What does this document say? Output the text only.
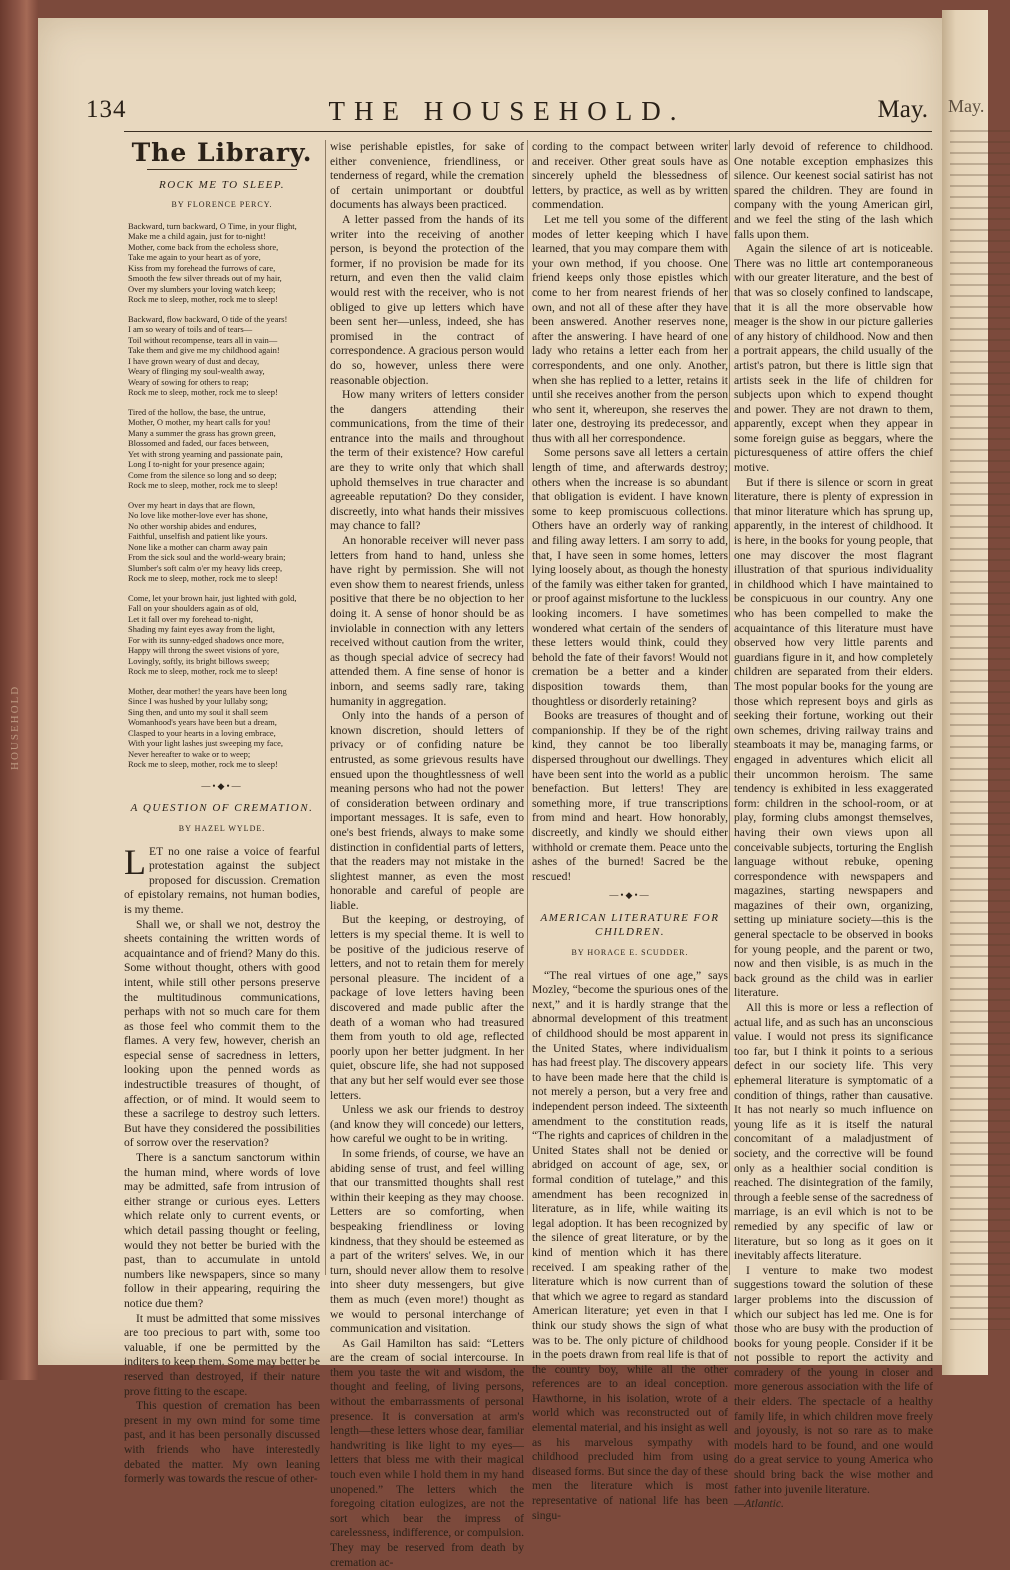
HOUSEHOLD
May.
134	THE HOUSEHOLD.	May.
The Library.
ROCK ME TO SLEEP.
BY FLORENCE PERCY.
Backward, turn backward, O Time, in your flight,
Make me a child again, just for to-night!
Mother, come back from the echoless shore,
Take me again to your heart as of yore,
Kiss from my forehead the furrows of care,
Smooth the few silver threads out of my hair,
Over my slumbers your loving watch keep;
Rock me to sleep, mother, rock me to sleep!
Backward, flow backward, O tide of the years!
I am so weary of toils and of tears—
Toil without recompense, tears all in vain—
Take them and give me my childhood again!
I have grown weary of dust and decay,
Weary of flinging my soul-wealth away,
Weary of sowing for others to reap;
Rock me to sleep, mother, rock me to sleep!
Tired of the hollow, the base, the untrue,
Mother, O mother, my heart calls for you!
Many a summer the grass has grown green,
Blossomed and faded, our faces between,
Yet with strong yearning and passionate pain,
Long I to-night for your presence again;
Come from the silence so long and so deep;
Rock me to sleep, mother, rock me to sleep!
Over my heart in days that are flown,
No love like mother-love ever has shone,
No other worship abides and endures,
Faithful, unselfish and patient like yours.
None like a mother can charm away pain
From the sick soul and the world-weary brain;
Slumber's soft calm o'er my heavy lids creep,
Rock me to sleep, mother, rock me to sleep!
Come, let your brown hair, just lighted with gold,
Fall on your shoulders again as of old,
Let it fall over my forehead to-night,
Shading my faint eyes away from the light,
For with its sunny-edged shadows once more,
Happy will throng the sweet visions of yore,
Lovingly, softly, its bright billows sweep;
Rock me to sleep, mother, rock me to sleep!
Mother, dear mother! the years have been long
Since I was hushed by your lullaby song;
Sing then, and unto my soul it shall seem
Womanhood's years have been but a dream,
Clasped to your hearts in a loving embrace,
With your light lashes just sweeping my face,
Never hereafter to wake or to weep;
Rock me to sleep, mother, rock me to sleep!
—•◆•—
A QUESTION OF CREMATION.
BY HAZEL WYLDE.

LET no one raise a voice of fearful protestation against the subject proposed for discussion. Cremation of epistolary remains, not human bodies, is my theme.

Shall we, or shall we not, destroy the sheets containing the written words of acquaintance and of friend? Many do this. Some without thought, others with good intent, while still other persons preserve the multitudinous communications, perhaps with not so much care for them as those feel who commit them to the flames. A very few, however, cherish an especial sense of sacredness in letters, looking upon the penned words as indestructible treasures of thought, of affection, or of mind. It would seem to these a sacrilege to destroy such letters. But have they considered the possibilities of sorrow over the reservation?

There is a sanctum sanctorum within the human mind, where words of love may be admitted, safe from intrusion of either strange or curious eyes. Letters which relate only to current events, or which detail passing thought or feeling, would they not better be buried with the past, than to accumulate in untold numbers like newspapers, since so many follow in their appearing, requiring the notice due them?

It must be admitted that some missives are too precious to part with, some too valuable, if one be permitted by the inditers to keep them. Some may better be reserved than destroyed, if their nature prove fitting to the escape.

This question of cremation has been present in my own mind for some time past, and it has been personally discussed with friends who have interestedly debated the matter. My own leaning formerly was towards the rescue of other-

wise perishable epistles, for sake of either convenience, friendliness, or tenderness of regard, while the cremation of certain unimportant or doubtful documents has always been practiced.

A letter passed from the hands of its writer into the receiving of another person, is beyond the protection of the former, if no provision be made for its return, and even then the valid claim would rest with the receiver, who is not obliged to give up letters which have been sent her—unless, indeed, she has promised in the contract of correspondence. A gracious person would do so, however, unless there were reasonable objection.

How many writers of letters consider the dangers attending their communications, from the time of their entrance into the mails and throughout the term of their existence? How careful are they to write only that which shall uphold themselves in true character and agreeable reputation? Do they consider, discreetly, into what hands their missives may chance to fall?

An honorable receiver will never pass letters from hand to hand, unless she have right by permission. She will not even show them to nearest friends, unless positive that there be no objection to her doing it. A sense of honor should be as inviolable in connection with any letters received without caution from the writer, as though special advice of secrecy had attended them. A fine sense of honor is inborn, and seems sadly rare, taking humanity in aggregation.

Only into the hands of a person of known discretion, should letters of privacy or of confiding nature be entrusted, as some grievous results have ensued upon the thoughtlessness of well meaning persons who had not the power of consideration between ordinary and important messages. It is safe, even to one's best friends, always to make some distinction in confidential parts of letters, that the readers may not mistake in the slightest manner, as even the most honorable and careful of people are liable.

But the keeping, or destroying, of letters is my special theme. It is well to be positive of the judicious reserve of letters, and not to retain them for merely personal pleasure. The incident of a package of love letters having been discovered and made public after the death of a woman who had treasured them from youth to old age, reflected poorly upon her better judgment. In her quiet, obscure life, she had not supposed that any but her self would ever see those letters.

Unless we ask our friends to destroy (and know they will concede) our letters, how careful we ought to be in writing.

In some friends, of course, we have an abiding sense of trust, and feel willing that our transmitted thoughts shall rest within their keeping as they may choose. Letters are so comforting, when bespeaking friendliness or loving kindness, that they should be esteemed as a part of the writers' selves. We, in our turn, should never allow them to resolve into sheer duty messengers, but give them as much (even more!) thought as we would to personal interchange of communication and visitation.

As Gail Hamilton has said: “Letters are the cream of social intercourse. In them you taste the wit and wisdom, the thought and feeling, of living persons, without the embarrassments of personal presence. It is conversation at arm's length—these letters whose dear, familiar handwriting is like light to my eyes—letters that bless me with their magical touch even while I hold them in my hand unopened.” The letters which the foregoing citation eulogizes, are not the sort which bear the impress of carelessness, indifference, or compulsion. They may be reserved from death by cremation ac-

cording to the compact between writer and receiver. Other great souls have as sincerely upheld the blessedness of letters, by practice, as well as by written commendation.

Let me tell you some of the different modes of letter keeping which I have learned, that you may compare them with your own method, if you choose. One friend keeps only those epistles which come to her from nearest friends of her own, and not all of these after they have been answered. Another reserves none, after the answering. I have heard of one lady who retains a letter each from her correspondents, and one only. Another, when she has replied to a letter, retains it until she receives another from the person who sent it, whereupon, she reserves the later one, destroying its predecessor, and thus with all her correspondence.

Some persons save all letters a certain length of time, and afterwards destroy; others when the increase is so abundant that obligation is evident. I have known some to keep promiscuous collections. Others have an orderly way of ranking and filing away letters. I am sorry to add, that, I have seen in some homes, letters lying loosely about, as though the honesty of the family was either taken for granted, or proof against misfortune to the luckless looking incomers. I have sometimes wondered what certain of the senders of these letters would think, could they behold the fate of their favors! Would not cremation be a better and a kinder disposition towards them, than thoughtless or disorderly retaining?

Books are treasures of thought and of companionship. If they be of the right kind, they cannot be too liberally dispersed throughout our dwellings. They have been sent into the world as a public benefaction. But letters! They are something more, if true transcriptions from mind and heart. How honorably, discreetly, and kindly we should either withhold or cremate them. Peace unto the ashes of the burned! Sacred be the rescued!

—•◆•—
AMERICAN LITERATURE FOR CHILDREN.
BY HORACE E. SCUDDER.

“The real virtues of one age,” says Mozley, “become the spurious ones of the next,” and it is hardly strange that the abnormal development of this treatment of childhood should be most apparent in the United States, where individualism has had freest play. The discovery appears to have been made here that the child is not merely a person, but a very free and independent person indeed. The sixteenth amendment to the constitution reads, “The rights and caprices of children in the United States shall not be denied or abridged on account of age, sex, or formal condition of tutelage,” and this amendment has been recognized in literature, as in life, while waiting its legal adoption. It has been recognized by the silence of great literature, or by the kind of mention which it has there received. I am speaking rather of the literature which is now current than of that which we agree to regard as standard American literature; yet even in that I think our study shows the sign of what was to be. The only picture of childhood in the poets drawn from real life is that of the country boy, while all the other references are to an ideal conception. Hawthorne, in his isolation, wrote of a world which was reconstructed out of elemental material, and his insight as well as his marvelous sympathy with childhood precluded him from using diseased forms. But since the day of these men the literature which is most representative of national life has been singu-

larly devoid of reference to childhood. One notable exception emphasizes this silence. Our keenest social satirist has not spared the children. They are found in company with the young American girl, and we feel the sting of the lash which falls upon them.

Again the silence of art is noticeable. There was no little art contemporaneous with our greater literature, and the best of that was so closely confined to landscape, that it is all the more observable how meager is the show in our picture galleries of any history of childhood. Now and then a portrait appears, the child usually of the artist's patron, but there is little sign that artists seek in the life of children for subjects upon which to expend thought and power. They are not drawn to them, apparently, except when they appear in some foreign guise as beggars, where the picturesqueness of attire offers the chief motive.

But if there is silence or scorn in great literature, there is plenty of expression in that minor literature which has sprung up, apparently, in the interest of childhood. It is here, in the books for young people, that one may discover the most flagrant illustration of that spurious individuality in childhood which I have maintained to be conspicuous in our country. Any one who has been compelled to make the acquaintance of this literature must have observed how very little parents and guardians figure in it, and how completely children are separated from their elders. The most popular books for the young are those which represent boys and girls as seeking their fortune, working out their own schemes, driving railway trains and steamboats it may be, managing farms, or engaged in adventures which elicit all their uncommon heroism. The same tendency is exhibited in less exaggerated form: children in the school-room, or at play, forming clubs amongst themselves, having their own views upon all conceivable subjects, torturing the English language without rebuke, opening correspondence with newspapers and magazines, starting newspapers and magazines of their own, organizing, setting up miniature society—this is the general spectacle to be observed in books for young people, and the parent or two, now and then visible, is as much in the back ground as the child was in earlier literature.

All this is more or less a reflection of actual life, and as such has an unconscious value. I would not press its significance too far, but I think it points to a serious defect in our society life. This very ephemeral literature is symptomatic of a condition of things, rather than causative. It has not nearly so much influence on young life as it is itself the natural concomitant of a maladjustment of society, and the corrective will be found only as a healthier social condition is reached. The disintegration of the family, through a feeble sense of the sacredness of marriage, is an evil which is not to be remedied by any specific of law or literature, but so long as it goes on it inevitably affects literature.

I venture to make two modest suggestions toward the solution of these larger problems into the discussion of which our subject has led me. One is for those who are busy with the production of books for young people. Consider if it be not possible to report the activity and comradery of the young in closer and more generous association with the life of their elders. The spectacle of a healthy family life, in which children move freely and joyously, is not so rare as to make models hard to be found, and one would do a great service to young America who should bring back the wise mother and father into juvenile literature.

—Atlantic.
